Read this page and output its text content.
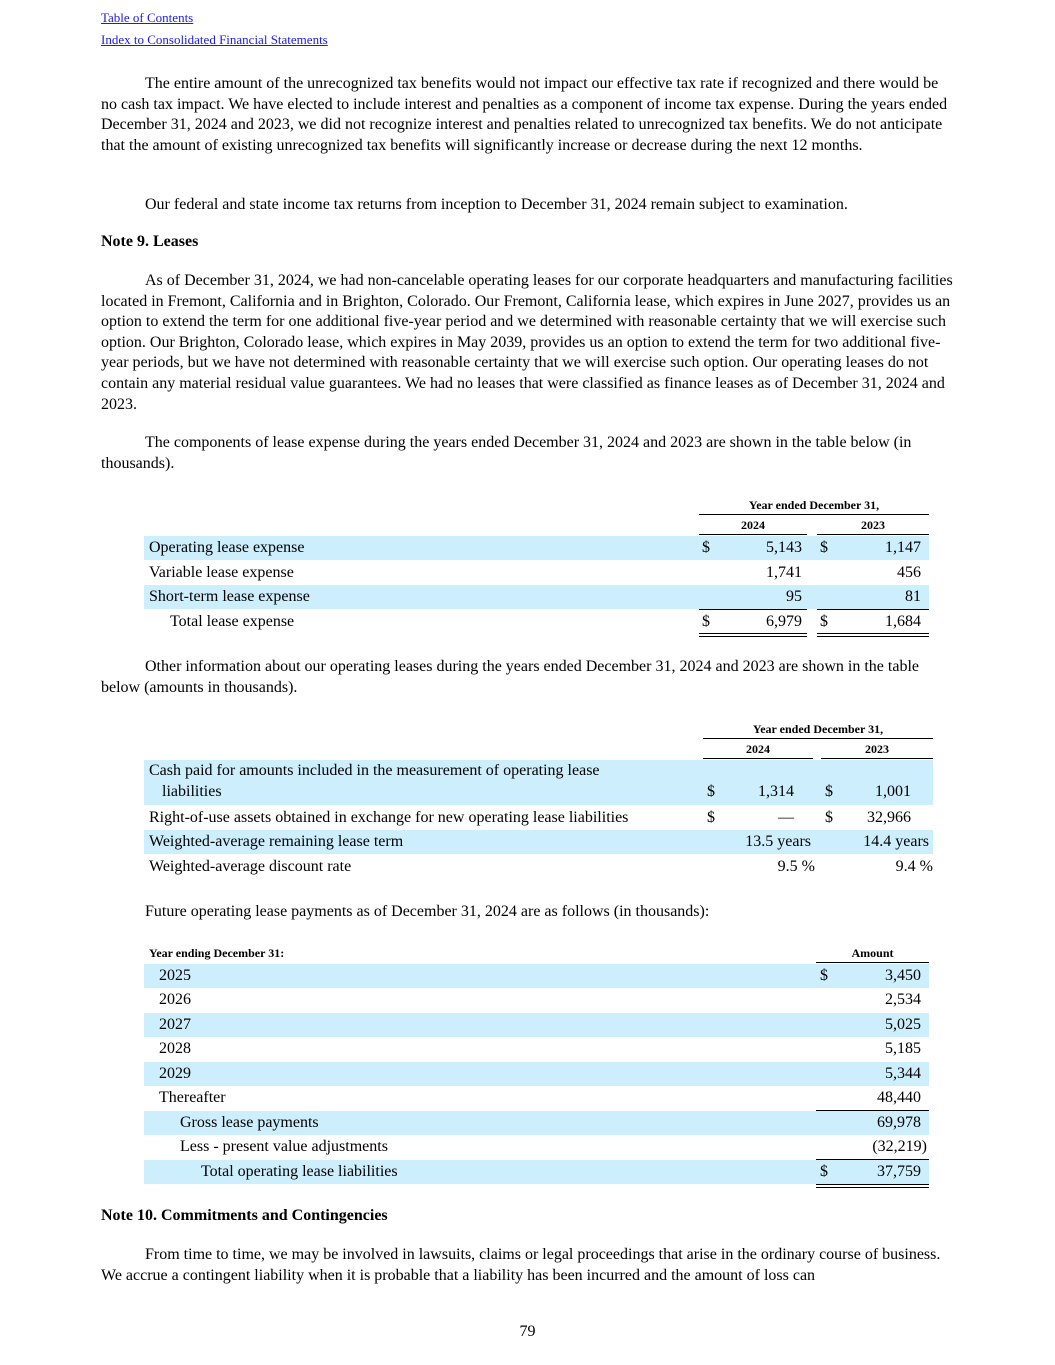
Table of Contents
Index to Consolidated Financial Statements

The entire amount of the unrecognized tax benefits would not impact our effective tax rate if recognized and there would be no cash tax impact. We have elected to include interest and penalties as a component of income tax expense. During the years ended December 31, 2024 and 2023, we did not recognize interest and penalties related to unrecognized tax benefits. We do not anticipate that the amount of existing unrecognized tax benefits will significantly increase or decrease during the next 12 months.

Our federal and state income tax returns from inception to December 31, 2024 remain subject to examination.

Note 9. Leases

As of December 31, 2024, we had non-cancelable operating leases for our corporate headquarters and manufacturing facilities located in Fremont, California and in Brighton, Colorado. Our Fremont, California lease, which expires in June 2027, provides us an option to extend the term for one additional five-year period and we determined with reasonable certainty that we will exercise such option. Our Brighton, Colorado lease, which expires in May 2039, provides us an option to extend the term for two additional five-year periods, but we have not determined with reasonable certainty that we will exercise such option. Our operating leases do not contain any material residual value guarantees. We had no leases that were classified as finance leases as of December 31, 2024 and 2023.

The components of lease expense during the years ended December 31, 2024 and 2023 are shown in the table below (in thousands).

Year ended December 31,
2024	2023
Operating lease expense	$	5,143 $	1,147
Variable lease expense	1,741	456
Short-term lease expense	95	81
Total lease expense	$	6,979 $	1,684

Other information about our operating leases during the years ended December 31, 2024 and 2023 are shown in the table below (amounts in thousands).

Year ended December 31,
2024	2023
Cash paid for amounts included in the measurement of operating lease
liabilities	$	1,314 $	1,001
Right-of-use assets obtained in exchange for new operating lease liabilities	$	— $ 32,966
Weighted-average remaining lease term	13.5 years	14.4 years
Weighted-average discount rate	9.5 %	9.4 %

Future operating lease payments as of December 31, 2024 are as follows (in thousands):

Year ending December 31:	Amount
2025	$	3,450
2026	2,534
2027	5,025
2028	5,185
2029	5,344
Thereafter	48,440
Gross lease payments	69,978
Less - present value adjustments	(32,219)
Total operating lease liabilities	$	37,759
Note 10. Commitments and Contingencies

From time to time, we may be involved in lawsuits, claims or legal proceedings that arise in the ordinary course of business. We accrue a contingent liability when it is probable that a liability has been incurred and the amount of loss can

79
